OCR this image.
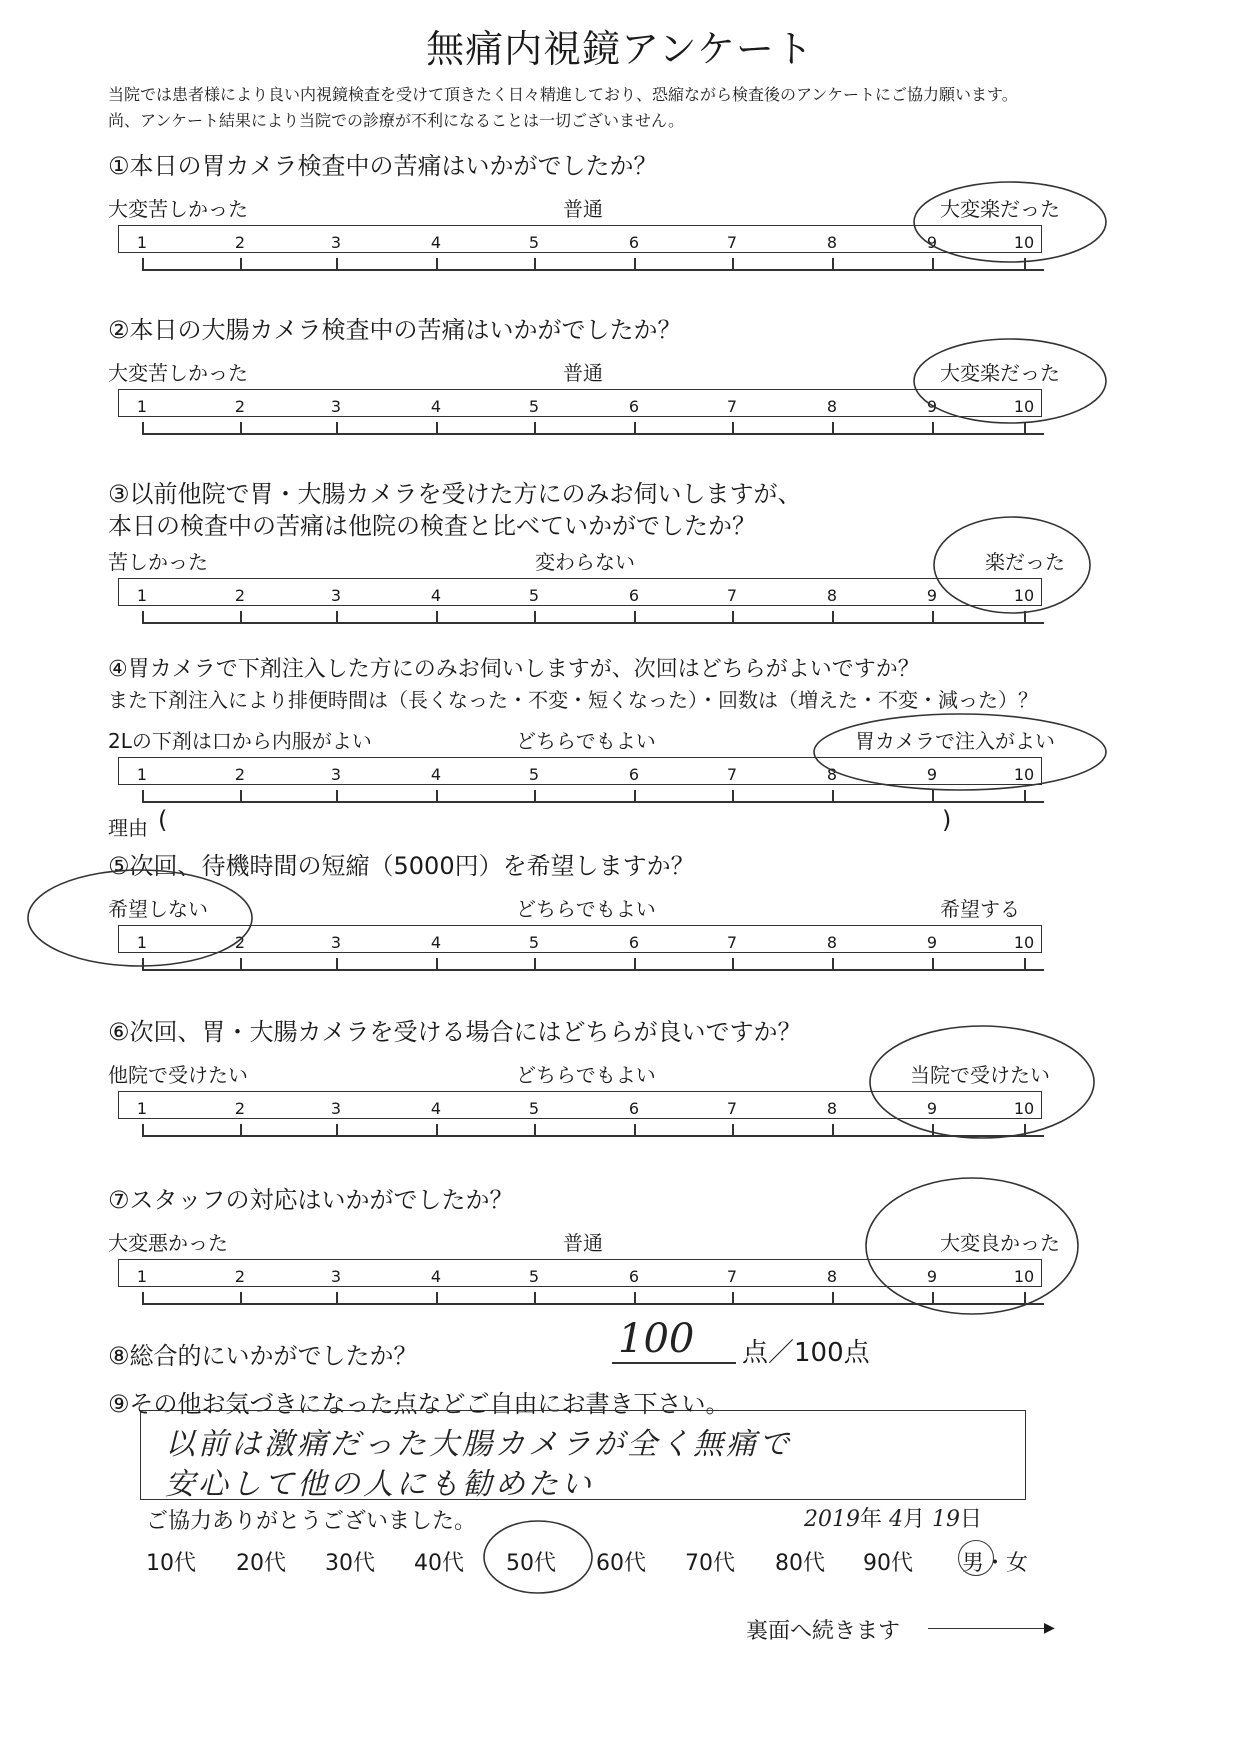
無痛内視鏡アンケート
当院では患者様により良い内視鏡検査を受けて頂きたく日々精進しており、恐縮ながら検査後のアンケートにご協力願います。
尚、アンケート結果により当院での診療が不利になることは一切ございません。
①本日の胃カメラ検査中の苦痛はいかがでしたか？
大変苦しかった	普通	大変楽だった
1	2	3	4	5	6	7	8	9	10
②本日の大腸カメラ検査中の苦痛はいかがでしたか？
大変苦しかった	普通	大変楽だった
1	2	3	4	5	6	7	8	9	10
③以前他院で胃・大腸カメラを受けた方にのみお伺いしますが、
本日の検査中の苦痛は他院の検査と比べていかがでしたか？
苦しかった	変わらない	楽だった
1	2	3	4	5	6	7	8	9	10
④胃カメラで下剤注入した方にのみお伺いしますが、次回はどちらがよいですか？
また下剤注入により排便時間は（長くなった・不変・短くなった）・回数は（増えた・不変・減った）？
2Lの下剤は口から内服がよい	どちらでもよい	胃カメラで注入がよい
1	2	3	4	5	6	7	8	9	10
理由 (	)
⑤次回、待機時間の短縮（5000円）を希望しますか？
希望しない	どちらでもよい	希望する
1	2	3	4	5	6	7	8	9	10
⑥次回、胃・大腸カメラを受ける場合にはどちらが良いですか？
他院で受けたい	どちらでもよい	当院で受けたい
1	2	3	4	5	6	7	8	9	10
⑦スタッフの対応はいかがでしたか？
大変悪かった	普通	大変良かった
1	2	3	4	5	6	7	8	9	10
⑧総合的にいかがでしたか？	100 点／100点
⑨その他お気づきになった点などご自由にお書き下さい。
以前は激痛だった大腸カメラが全く無痛で
安心して他の人にも勧めたい
ご協力ありがとうございました。	2019年 4月 19日
10代 20代 30代 40代 50代 60代 70代 80代 90代 男・女
裏面へ続きます	▶
